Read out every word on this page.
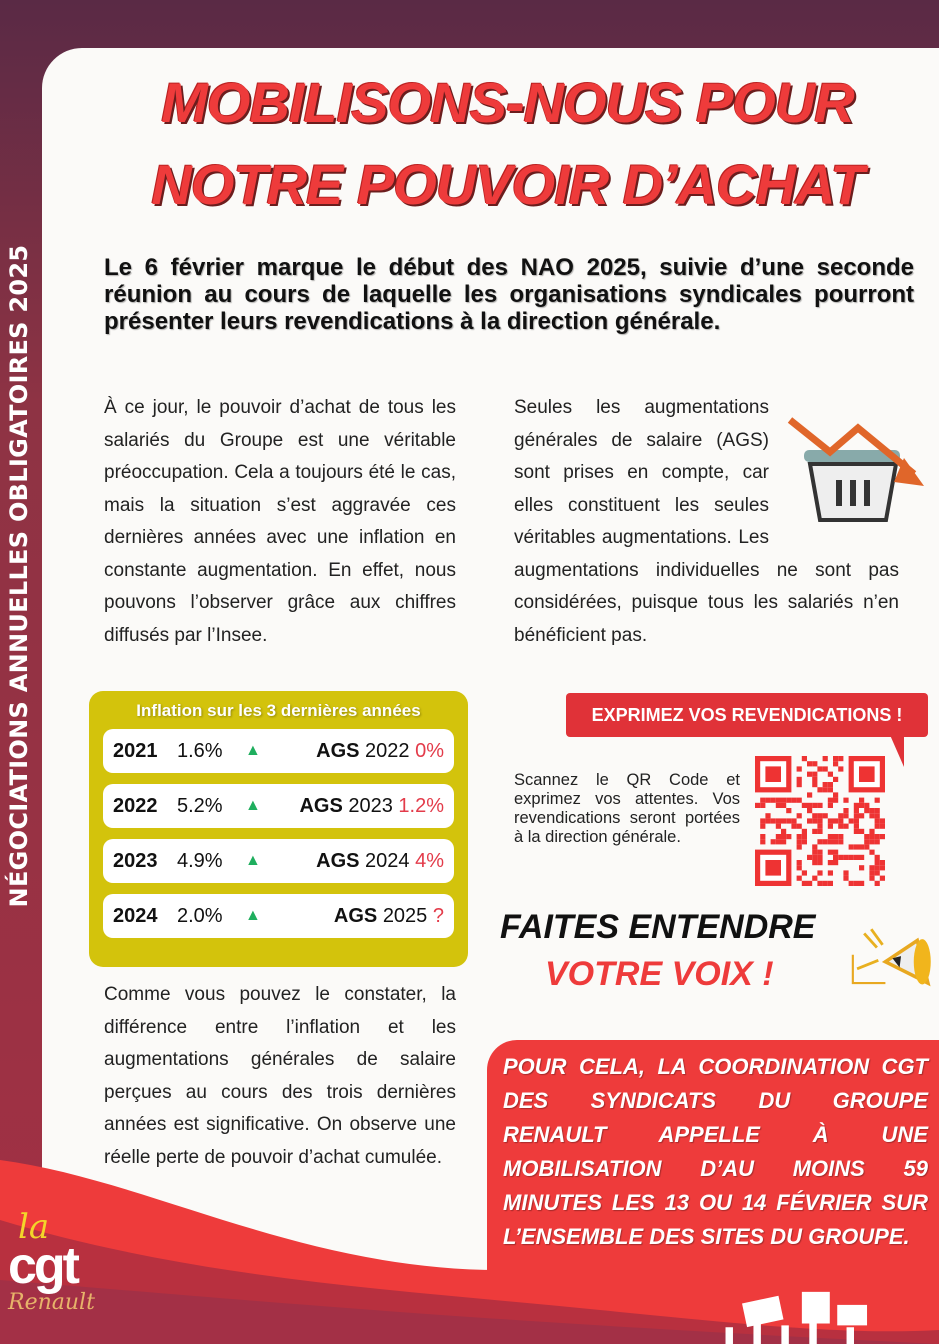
NÉGOCIATIONS ANNUELLES OBLIGATOIRES 2025
MOBILISONS-NOUS POUR
NOTRE POUVOIR D’ACHAT
Le 6 février marque le début des NAO 2025, suivie d’une seconde réunion au cours de laquelle les organisations syndicales pourront présenter leurs revendications à la direction générale.
À ce jour, le pouvoir d’achat de tous les salariés du Groupe est une véritable préoccupation. Cela a toujours été le cas, mais la situation s’est aggravée ces dernières années avec une inflation en constante augmentation. En effet, nous pouvons l’observer grâce aux chiffres diffusés par l’Insee.
Seules les augmentations générales de salaire (AGS) sont prises en compte, car elles constituent les seules véritables augmentations. Les augmentations individuelles ne sont pas considérées, puisque tous les salariés n’en bénéficient pas.
Inflation sur les 3 dernières années
2021 1.6%	▲	AGS 2022 0%
2022 5.2%	▲ AGS 2023 1.2%
2023 4.9%	▲	AGS 2024 4%
2024 2.0%	▲	AGS 2025 ?
Comme vous pouvez le constater, la différence entre l’inflation et les augmentations générales de salaire perçues au cours des trois dernières années est significative. On observe une réelle perte de pouvoir d’achat cumulée.
EXPRIMEZ VOS REVENDICATIONS !
Scannez le QR Code et exprimez vos attentes. Vos revendications seront portées à la direction générale.
FAITES ENTENDRE
VOTRE VOIX !
POUR CELA, LA COORDINATION CGT DES SYNDICATS DU GROUPE RENAULT APPELLE À UNE MOBILISATION D’AU MOINS 59 MINUTES LES 13 OU 14 FÉVRIER SUR L’ENSEMBLE DES SITES DU GROUPE.
la
cgt
Renault
